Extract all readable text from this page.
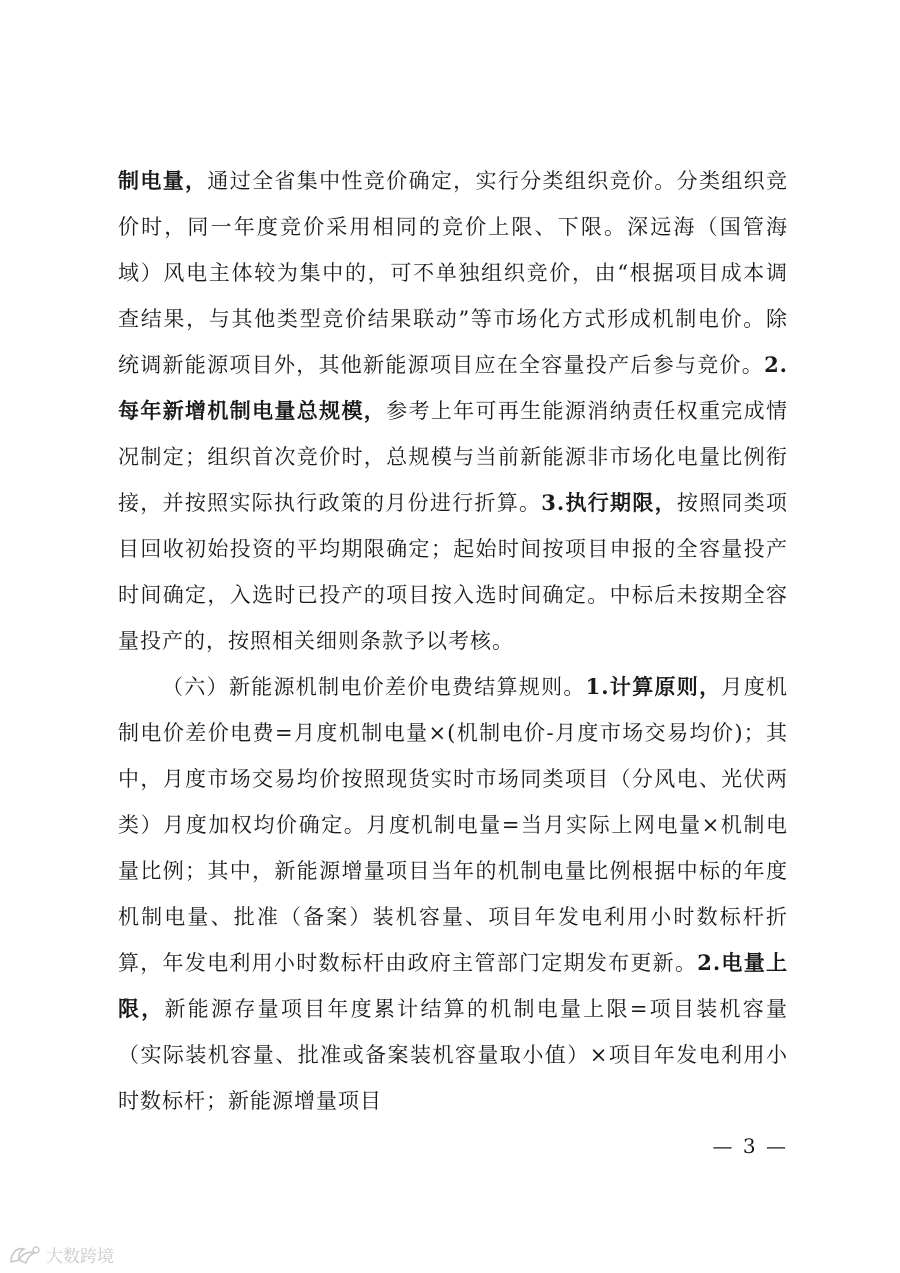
制电量，通过全省集中性竞价确定，实行分类组织竞价。分类组织竞价时，同一年度竞价采用相同的竞价上限、下限。深远海（国管海域）风电主体较为集中的，可不单独组织竞价，由“根据项目成本调查结果，与其他类型竞价结果联动”等市场化方式形成机制电价。除统调新能源项目外，其他新能源项目应在全容量投产后参与竞价。2.每年新增机制电量总规模，参考上年可再生能源消纳责任权重完成情况制定；组织首次竞价时，总规模与当前新能源非市场化电量比例衔接，并按照实际执行政策的月份进行折算。3.执行期限，按照同类项目回收初始投资的平均期限确定；起始时间按项目申报的全容量投产时间确定，入选时已投产的项目按入选时间确定。中标后未按期全容量投产的，按照相关细则条款予以考核。

（六）新能源机制电价差价电费结算规则。1.计算原则，月度机制电价差价电费=月度机制电量×(机制电价-月度市场交易均价)；其中，月度市场交易均价按照现货实时市场同类项目（分风电、光伏两类）月度加权均价确定。月度机制电量=当月实际上网电量×机制电量比例；其中，新能源增量项目当年的机制电量比例根据中标的年度机制电量、批准（备案）装机容量、项目年发电利用小时数标杆折算，年发电利用小时数标杆由政府主管部门定期发布更新。2.电量上限，新能源存量项目年度累计结算的机制电量上限=项目装机容量（实际装机容量、批准或备案装机容量取小值）×项目年发电利用小时数标杆；新能源增量项目

— 3 —
大数跨境
